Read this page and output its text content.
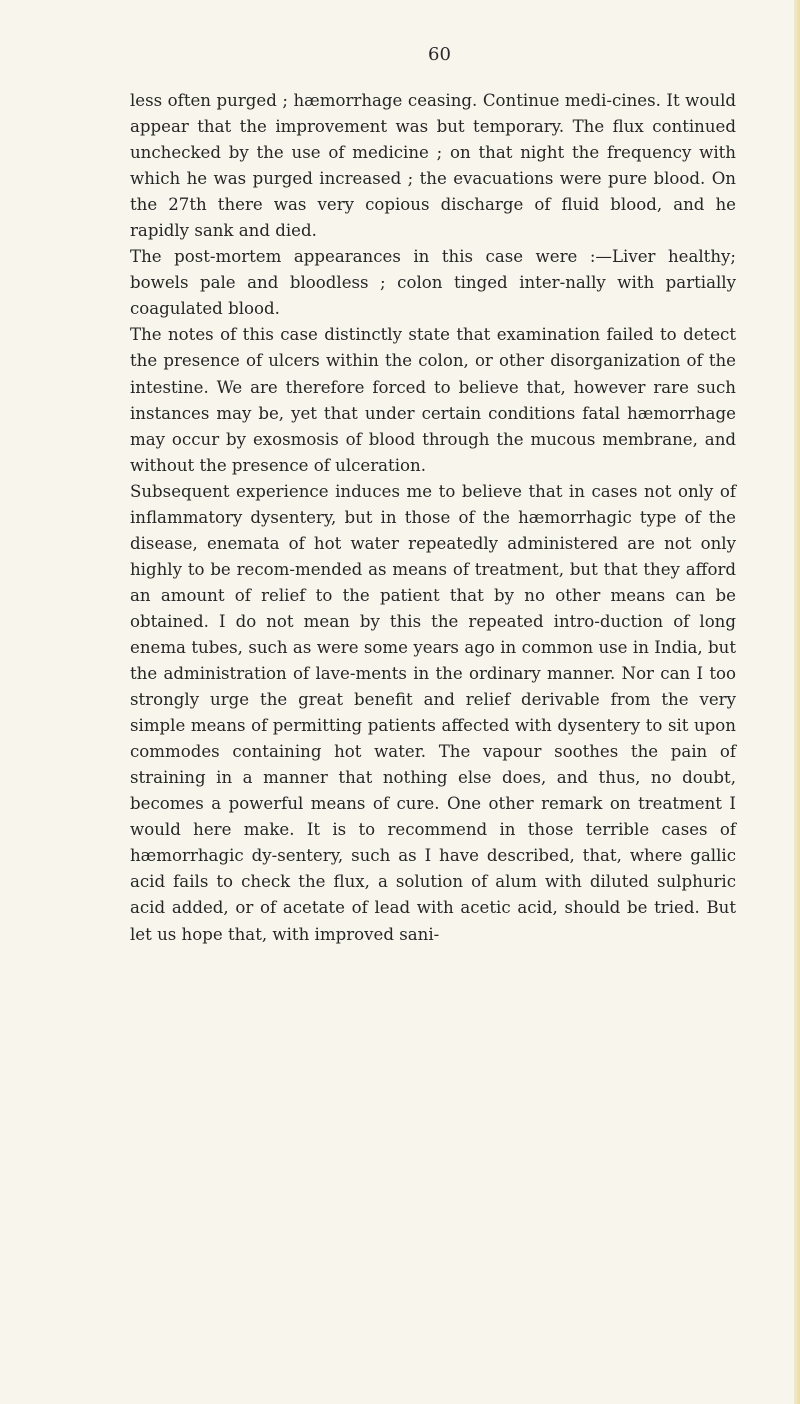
60

less often purged ; hæmorrhage ceasing. Continue medi-cines. It would appear that the improvement was but temporary. The flux continued unchecked by the use of medicine ; on that night the frequency with which he was purged increased ; the evacuations were pure blood. On the 27th there was very copious discharge of fluid blood, and he rapidly sank and died.

The post-mortem appearances in this case were :—Liver healthy; bowels pale and bloodless ; colon tinged inter-nally with partially coagulated blood.

The notes of this case distinctly state that examination failed to detect the presence of ulcers within the colon, or other disorganization of the intestine. We are therefore forced to believe that, however rare such instances may be, yet that under certain conditions fatal hæmorrhage may occur by exosmosis of blood through the mucous membrane, and without the presence of ulceration.

Subsequent experience induces me to believe that in cases not only of inflammatory dysentery, but in those of the hæmorrhagic type of the disease, enemata of hot water repeatedly administered are not only highly to be recom-mended as means of treatment, but that they afford an amount of relief to the patient that by no other means can be obtained. I do not mean by this the repeated intro-duction of long enema tubes, such as were some years ago in common use in India, but the administration of lave-ments in the ordinary manner. Nor can I too strongly urge the great benefit and relief derivable from the very simple means of permitting patients affected with dysentery to sit upon commodes containing hot water. The vapour soothes the pain of straining in a manner that nothing else does, and thus, no doubt, becomes a powerful means of cure. One other remark on treatment I would here make. It is to recommend in those terrible cases of hæmorrhagic dy-sentery, such as I have described, that, where gallic acid fails to check the flux, a solution of alum with diluted sulphuric acid added, or of acetate of lead with acetic acid, should be tried. But let us hope that, with improved sani-
